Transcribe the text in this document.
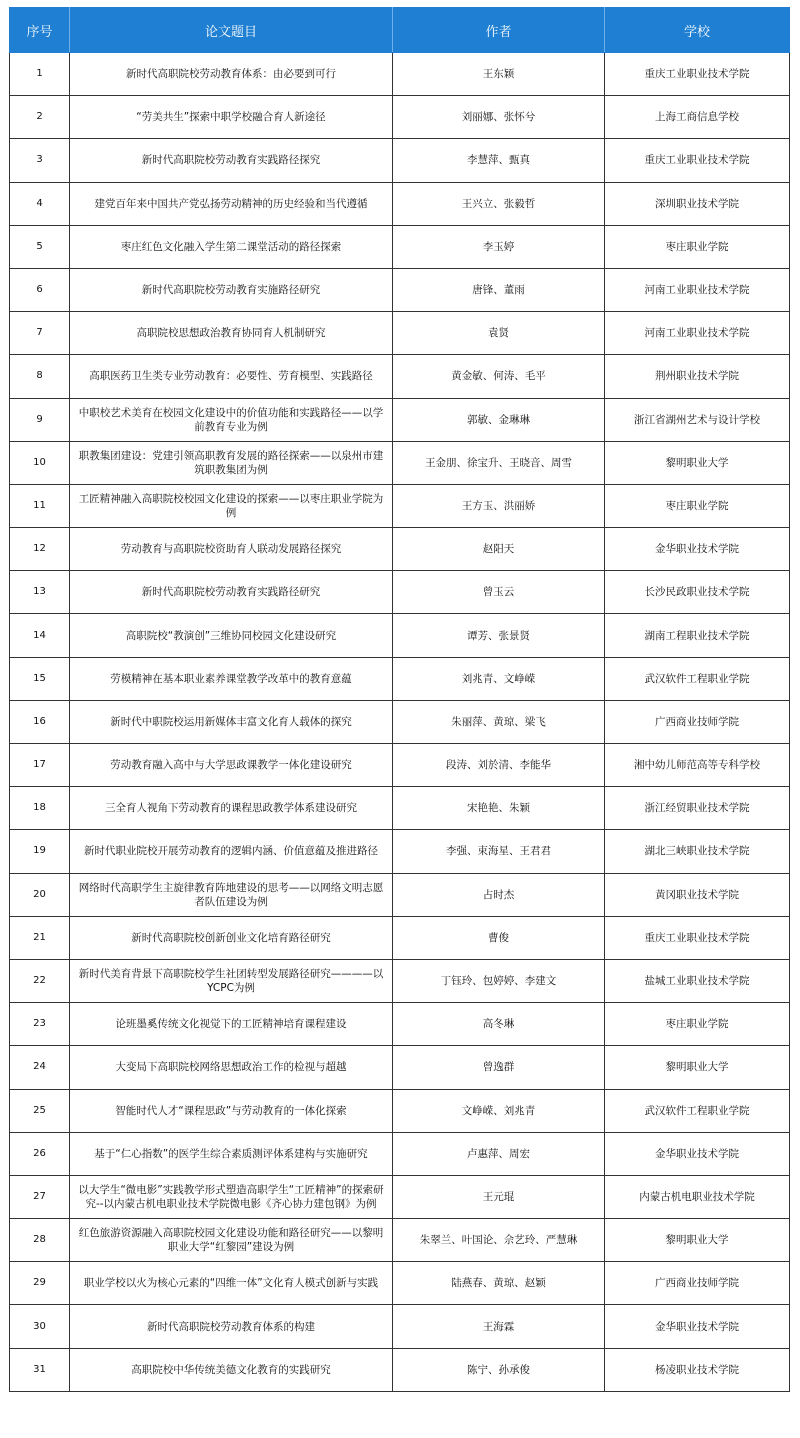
序号	论文题目	作者	学校
1	新时代高职院校劳动教育体系：由必要到可行	王东颖	重庆工业职业技术学院
2	“劳美共生”探索中职学校融合育人新途径	刘丽娜、张怀兮	上海工商信息学校
3	新时代高职院校劳动教育实践路径探究	李慧萍、甄真	重庆工业职业技术学院
4	建党百年来中国共产党弘扬劳动精神的历史经验和当代遵循	王兴立、张毅哲	深圳职业技术学院
5	枣庄红色文化融入学生第二课堂活动的路径探索	李玉婷	枣庄职业学院
6	新时代高职院校劳动教育实施路径研究	唐锋、董雨	河南工业职业技术学院
7	高职院校思想政治教育协同育人机制研究	袁贤	河南工业职业技术学院
8	高职医药卫生类专业劳动教育：必要性、劳育模型、实践路径	黄金敏、何涛、毛平	荆州职业技术学院
9	中职校艺术美育在校园文化建设中的价值功能和实践路径——以学前教育专业为例	郭敏、金琳琳	浙江省湖州艺术与设计学校
10	职教集团建设：党建引领高职教育发展的路径探索——以泉州市建筑职教集团为例	王金朋、徐宝升、王晓音、周雪	黎明职业大学
11	工匠精神融入高职院校校园文化建设的探索——以枣庄职业学院为例	王方玉、洪丽娇	枣庄职业学院
12	劳动教育与高职院校资助育人联动发展路径探究	赵阳天	金华职业技术学院
13	新时代高职院校劳动教育实践路径研究	曾玉云	长沙民政职业技术学院
14	高职院校“教演创”三维协同校园文化建设研究	谭芳、张景贤	湖南工程职业技术学院
15	劳模精神在基本职业素养课堂教学改革中的教育意蕴	刘兆青、文峥嵘	武汉软件工程职业学院
16	新时代中职院校运用新媒体丰富文化育人载体的探究	朱丽萍、黄琼、梁飞	广西商业技师学院
17	劳动教育融入高中与大学思政课教学一体化建设研究	段涛、刘於清、李能华	湘中幼儿师范高等专科学校
18	三全育人视角下劳动教育的课程思政教学体系建设研究	宋艳艳、朱颖	浙江经贸职业技术学院
19	新时代职业院校开展劳动教育的逻辑内涵、价值意蕴及推进路径	李强、束海星、王君君	湖北三峡职业技术学院
20	网络时代高职学生主旋律教育阵地建设的思考——以网络文明志愿者队伍建设为例	占时杰	黄冈职业技术学院
21	新时代高职院校创新创业文化培育路径研究	曹俊	重庆工业职业技术学院
22	新时代美育背景下高职院校学生社团转型发展路径研究————以YCPC为例	丁钰玲、包婷婷、李建文	盐城工业职业技术学院
23	论班墨奚传统文化视觉下的工匠精神培育课程建设	高冬琳	枣庄职业学院
24	大变局下高职院校网络思想政治工作的检视与超越	曾逸群	黎明职业大学
25	智能时代人才“课程思政”与劳动教育的一体化探索	文峥嵘、刘兆青	武汉软件工程职业学院
26	基于“仁心指数”的医学生综合素质测评体系建构与实施研究	卢惠萍、周宏	金华职业技术学院
27	以大学生“微电影”实践教学形式塑造高职学生“工匠精神”的探索研究--以内蒙古机电职业技术学院微电影《齐心协力建包钢》为例	王元琨	内蒙古机电职业技术学院
28	红色旅游资源融入高职院校园文化建设功能和路径研究——以黎明职业大学“红黎园”建设为例	朱翠兰、叶国论、佘艺玲、严慧琳	黎明职业大学
29	职业学校以火为核心元素的“四维一体”文化育人模式创新与实践	陆燕春、黄琼、赵颖	广西商业技师学院
30	新时代高职院校劳动教育体系的构建	王海霖	金华职业技术学院
31	高职院校中华传统美德文化教育的实践研究	陈宁、孙承俊	杨凌职业技术学院
